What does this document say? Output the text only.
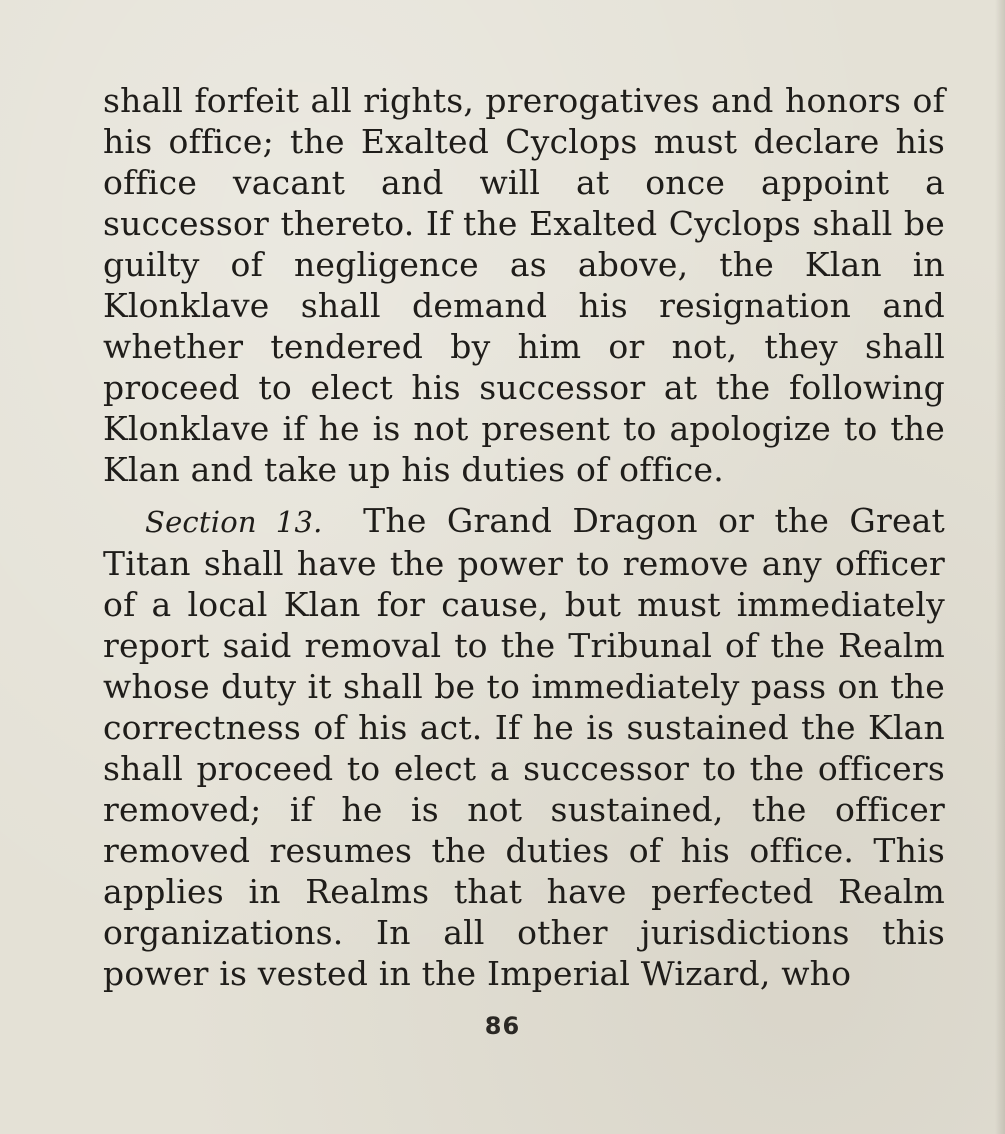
shall forfeit all rights, prerogatives and honors of his office; the Exalted Cyclops must declare his office vacant and will at once appoint a successor thereto. If the Exalted Cyclops shall be guilty of negligence as above, the Klan in Klonklave shall demand his resignation and whether tendered by him or not, they shall proceed to elect his successor at the following Klonklave if he is not present to apologize to the Klan and take up his duties of office.

Section 13. The Grand Dragon or the Great Titan shall have the power to remove any officer of a local Klan for cause, but must immediately report said removal to the Tribunal of the Realm whose duty it shall be to immediately pass on the correctness of his act. If he is sustained the Klan shall proceed to elect a successor to the officers removed; if he is not sustained, the officer removed resumes the duties of his office. This applies in Realms that have perfected Realm organizations. In all other jurisdictions this power is vested in the Imperial Wizard, who

86
